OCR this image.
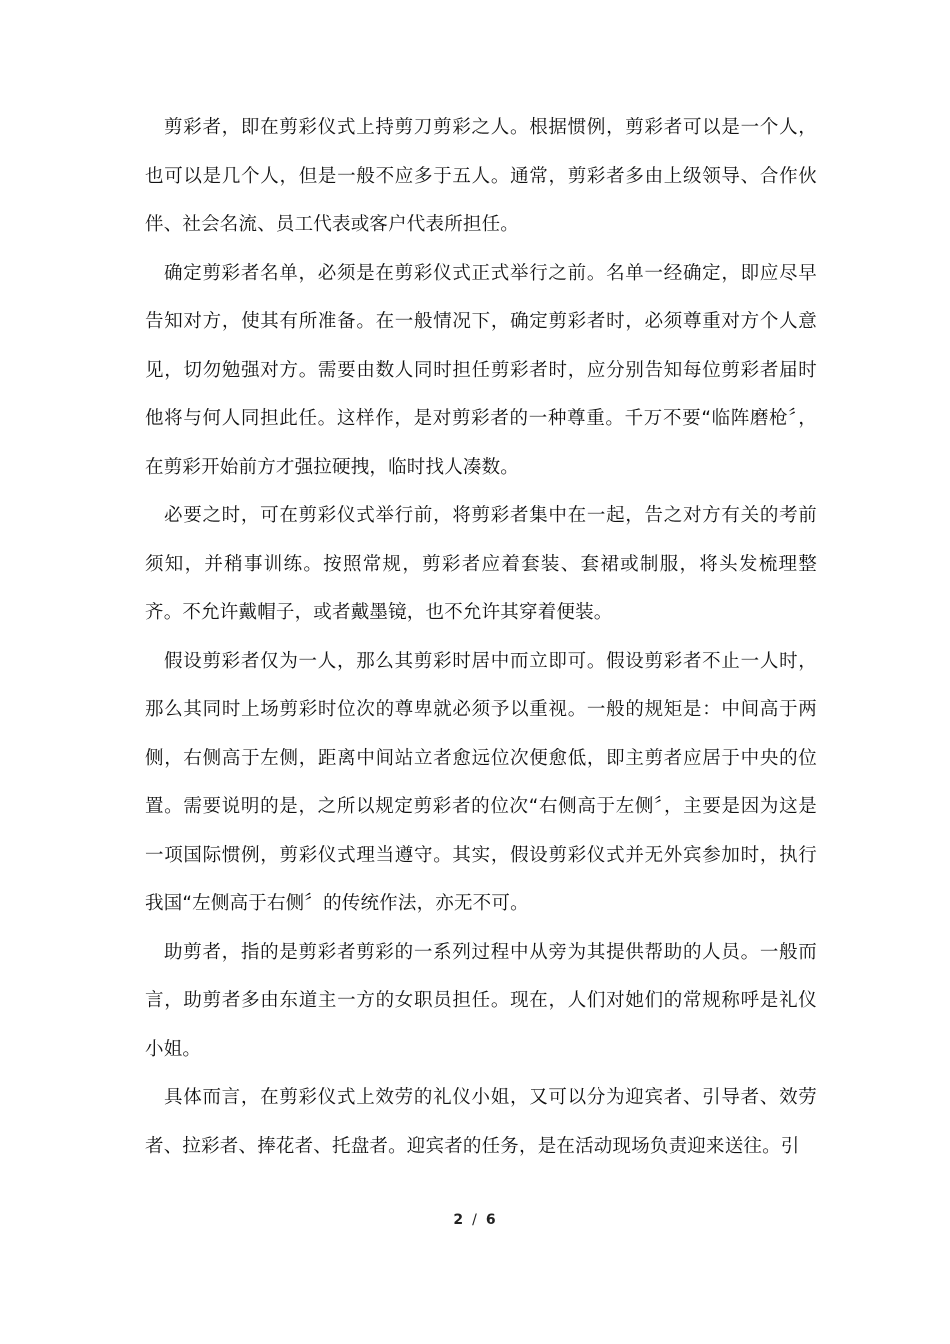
剪彩者，即在剪彩仪式上持剪刀剪彩之人。根据惯例，剪彩者可以是一个人，也可以是几个人，但是一般不应多于五人。通常，剪彩者多由上级领导、合作伙伴、社会名流、员工代表或客户代表所担任。

确定剪彩者名单，必须是在剪彩仪式正式举行之前。名单一经确定，即应尽早告知对方，使其有所准备。在一般情况下，确定剪彩者时，必须尊重对方个人意见，切勿勉强对方。需要由数人同时担任剪彩者时，应分别告知每位剪彩者届时他将与何人同担此任。这样作，是对剪彩者的一种尊重。千万不要“临阵磨枪〞，在剪彩开始前方才强拉硬拽，临时找人凑数。

必要之时，可在剪彩仪式举行前，将剪彩者集中在一起，告之对方有关的考前须知，并稍事训练。按照常规，剪彩者应着套装、套裙或制服，将头发梳理整齐。不允许戴帽子，或者戴墨镜，也不允许其穿着便装。

假设剪彩者仅为一人，那么其剪彩时居中而立即可。假设剪彩者不止一人时，那么其同时上场剪彩时位次的尊卑就必须予以重视。一般的规矩是：中间高于两侧，右侧高于左侧，距离中间站立者愈远位次便愈低，即主剪者应居于中央的位置。需要说明的是，之所以规定剪彩者的位次“右侧高于左侧〞，主要是因为这是一项国际惯例，剪彩仪式理当遵守。其实，假设剪彩仪式并无外宾参加时，执行我国“左侧高于右侧〞的传统作法，亦无不可。

助剪者，指的是剪彩者剪彩的一系列过程中从旁为其提供帮助的人员。一般而言，助剪者多由东道主一方的女职员担任。现在，人们对她们的常规称呼是礼仪小姐。

具体而言，在剪彩仪式上效劳的礼仪小姐，又可以分为迎宾者、引导者、效劳者、拉彩者、捧花者、托盘者。迎宾者的任务，是在活动现场负责迎来送往。引

2 / 6
